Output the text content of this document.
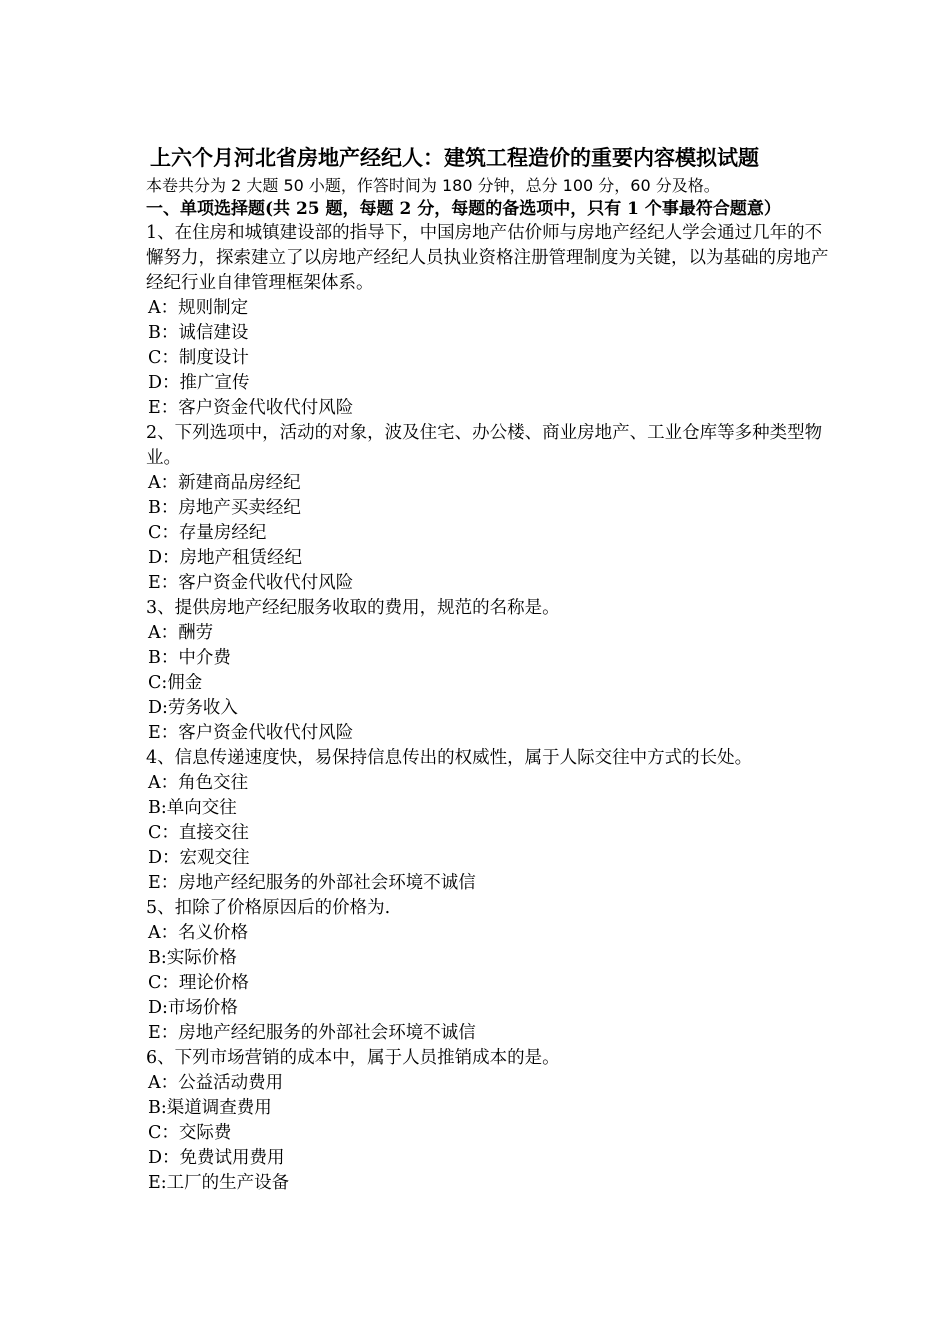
上六个月河北省房地产经纪人：建筑工程造价的重要内容模拟试题
本卷共分为 2 大题 50 小题，作答时间为 180 分钟，总分 100 分，60 分及格。
一、单项选择题(共 25 题，每题 2 分，每题的备选项中，只有 1 个事最符合题意）
1、在住房和城镇建设部的指导下，中国房地产估价师与房地产经纪人学会通过几年的不懈努力，探索建立了以房地产经纪人员执业资格注册管理制度为关键，以为基础的房地产经纪行业自律管理框架体系。
A：规则制定
B：诚信建设
C：制度设计
D：推广宣传
E：客户资金代收代付风险
2、下列选项中，活动的对象，波及住宅、办公楼、商业房地产、工业仓库等多种类型物业。
A：新建商品房经纪
B：房地产买卖经纪
C：存量房经纪
D：房地产租赁经纪
E：客户资金代收代付风险
3、提供房地产经纪服务收取的费用，规范的名称是。
A：酬劳
B：中介费
C:佣金
D:劳务收入
E：客户资金代收代付风险
4、信息传递速度快，易保持信息传出的权威性，属于人际交往中方式的长处。
A：角色交往
B:单向交往
C：直接交往
D：宏观交往
E：房地产经纪服务的外部社会环境不诚信
5、扣除了价格原因后的价格为.
A：名义价格
B:实际价格
C：理论价格
D:市场价格
E：房地产经纪服务的外部社会环境不诚信
6、下列市场营销的成本中，属于人员推销成本的是。
A：公益活动费用
B:渠道调查费用
C：交际费
D：免费试用费用
E:工厂的生产设备
